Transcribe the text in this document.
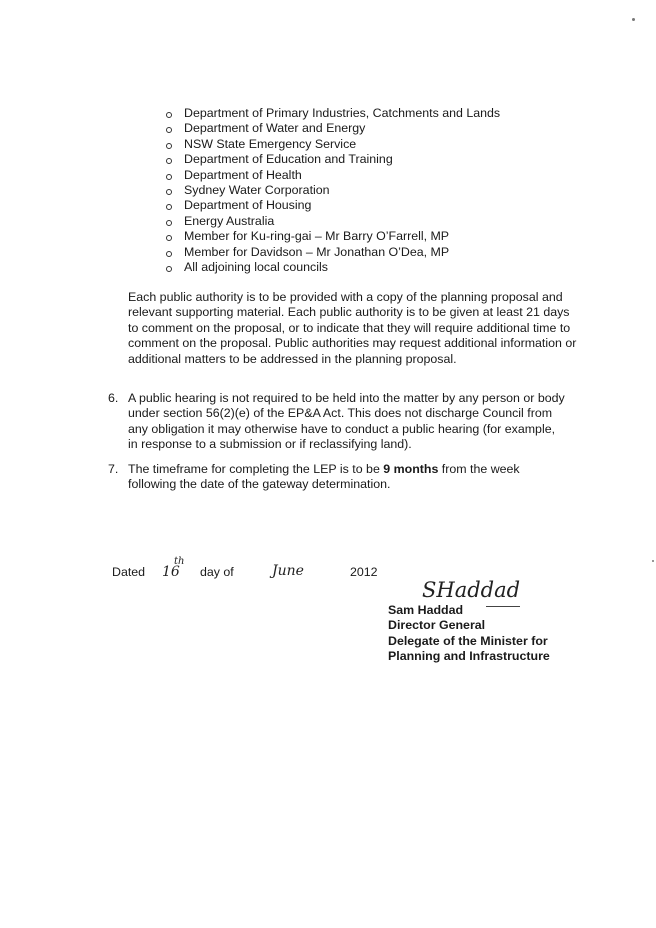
Department of Primary Industries, Catchments and Lands
Department of Water and Energy
NSW State Emergency Service
Department of Education and Training
Department of Health
Sydney Water Corporation
Department of Housing
Energy Australia
Member for Ku-ring-gai – Mr Barry O’Farrell, MP
Member for Davidson – Mr Jonathan O’Dea, MP
All adjoining local councils

Each public authority is to be provided with a copy of the planning proposal and relevant supporting material. Each public authority is to be given at least 21 days to comment on the proposal, or to indicate that they will require additional time to comment on the proposal. Public authorities may request additional information or additional matters to be addressed in the planning proposal.

6. A public hearing is not required to be held into the matter by any person or body under section 56(2)(e) of the EP&A Act. This does not discharge Council from any obligation it may otherwise have to conduct a public hearing (for example, in response to a submission or if reclassifying land).
7. The timeframe for completing the LEP is to be 9 months from the week following the date of the gateway determination.
Dated 16
th
day of	June	2012
SHaddad
Sam Haddad
Director General
Delegate of the Minister for
Planning and Infrastructure
